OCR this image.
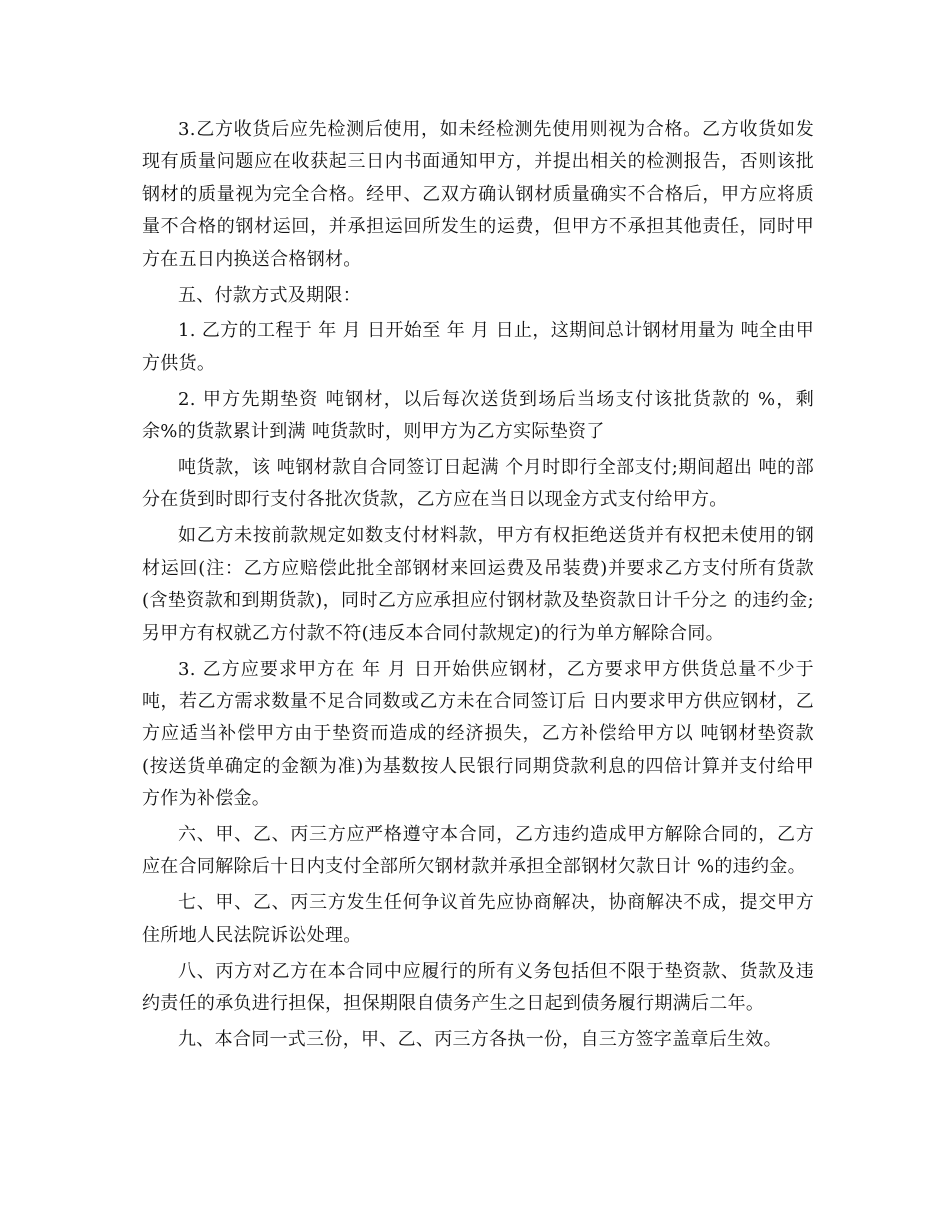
3.乙方收货后应先检测后使用，如未经检测先使用则视为合格。乙方收货如发现有质量问题应在收获起三日内书面通知甲方，并提出相关的检测报告，否则该批钢材的质量视为完全合格。经甲、乙双方确认钢材质量确实不合格后，甲方应将质量不合格的钢材运回，并承担运回所发生的运费，但甲方不承担其他责任，同时甲方在五日内换送合格钢材。

五、付款方式及期限：

1. 乙方的工程于 年 月 日开始至 年 月 日止，这期间总计钢材用量为 吨全由甲方供货。

2. 甲方先期垫资 吨钢材，以后每次送货到场后当场支付该批货款的 %，剩余%的货款累计到满 吨货款时，则甲方为乙方实际垫资了

吨货款，该 吨钢材款自合同签订日起满 个月时即行全部支付;期间超出 吨的部分在货到时即行支付各批次货款，乙方应在当日以现金方式支付给甲方。

如乙方未按前款规定如数支付材料款，甲方有权拒绝送货并有权把未使用的钢材运回(注：乙方应赔偿此批全部钢材来回运费及吊装费)并要求乙方支付所有货款(含垫资款和到期货款)，同时乙方应承担应付钢材款及垫资款日计千分之 的违约金;另甲方有权就乙方付款不符(违反本合同付款规定)的行为单方解除合同。

3. 乙方应要求甲方在 年 月 日开始供应钢材，乙方要求甲方供货总量不少于吨，若乙方需求数量不足合同数或乙方未在合同签订后 日内要求甲方供应钢材，乙方应适当补偿甲方由于垫资而造成的经济损失，乙方补偿给甲方以 吨钢材垫资款(按送货单确定的金额为准)为基数按人民银行同期贷款利息的四倍计算并支付给甲方作为补偿金。

六、甲、乙、丙三方应严格遵守本合同，乙方违约造成甲方解除合同的，乙方应在合同解除后十日内支付全部所欠钢材款并承担全部钢材欠款日计 %的违约金。

七、甲、乙、丙三方发生任何争议首先应协商解决，协商解决不成，提交甲方住所地人民法院诉讼处理。

八、丙方对乙方在本合同中应履行的所有义务包括但不限于垫资款、货款及违约责任的承负进行担保，担保期限自债务产生之日起到债务履行期满后二年。

九、本合同一式三份，甲、乙、丙三方各执一份，自三方签字盖章后生效。
